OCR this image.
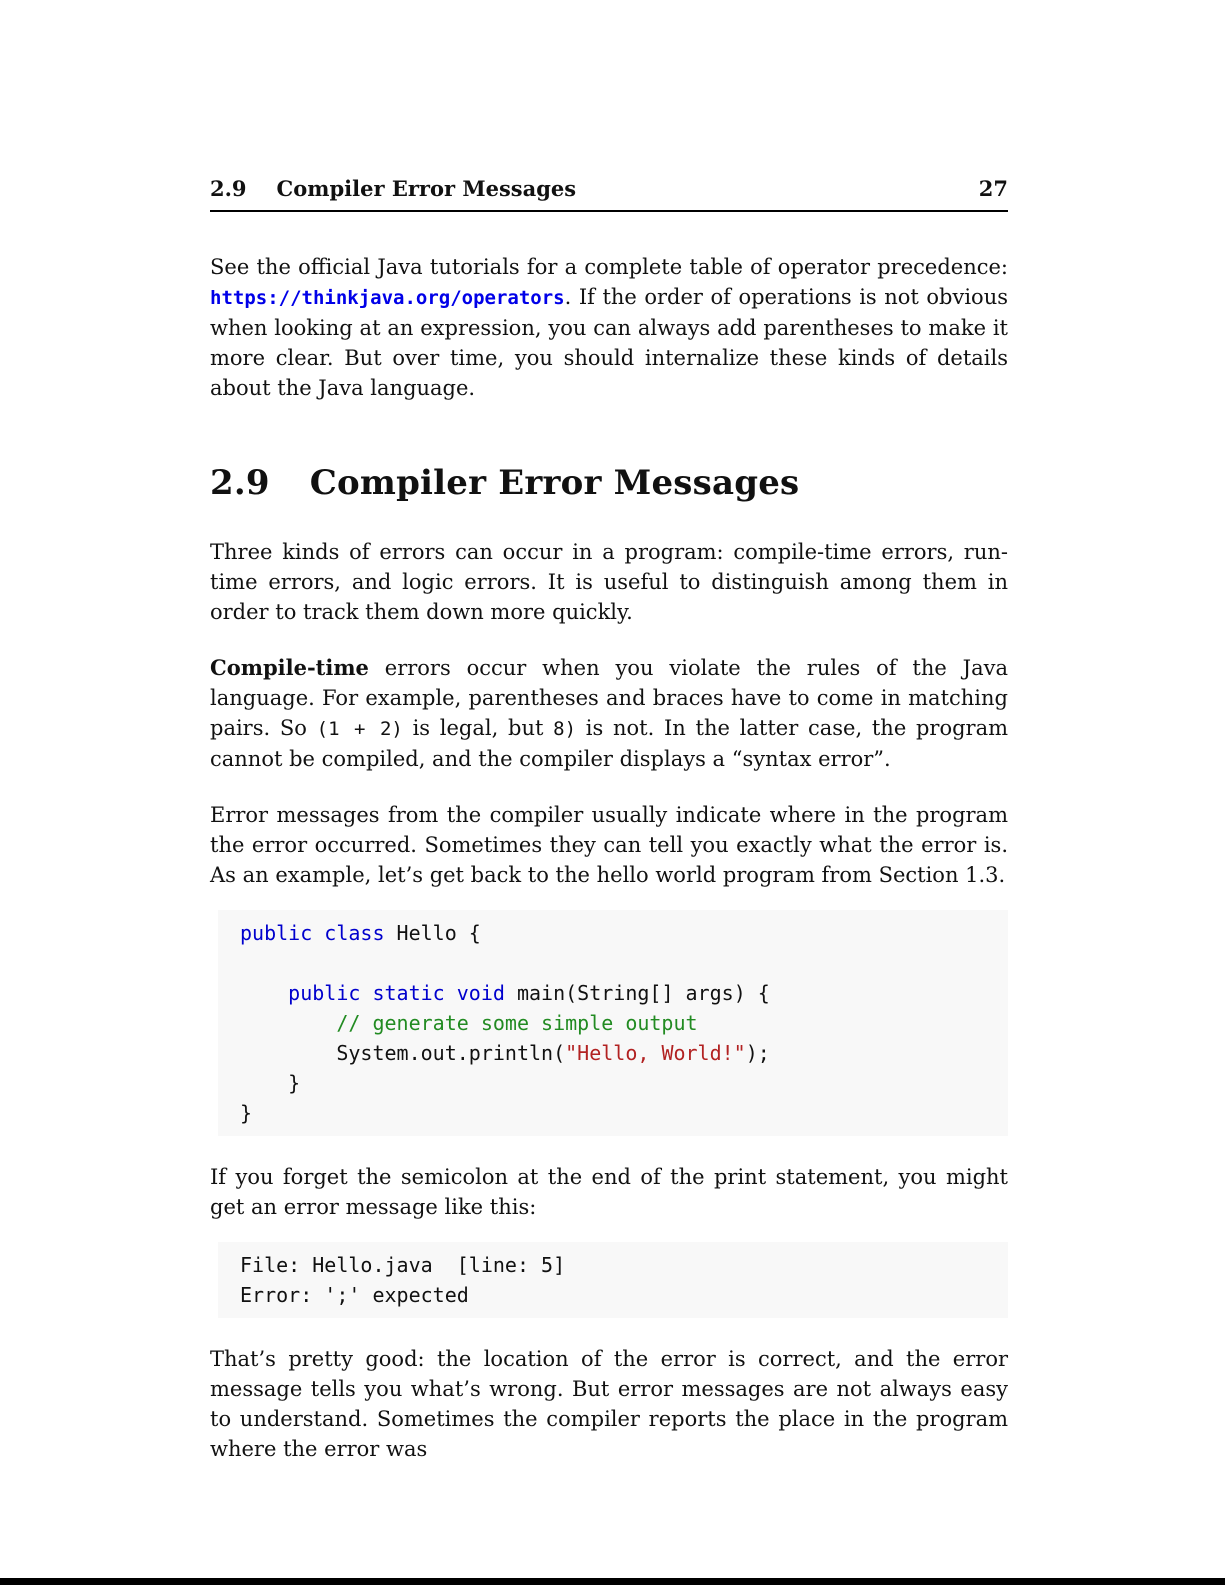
2.9 Compiler Error Messages	27

See the official Java tutorials for a complete table of operator precedence: https://thinkjava.org/operators. If the order of operations is not obvious when looking at an expression, you can always add parentheses to make it more clear. But over time, you should internalize these kinds of details about the Java language.

2.9 Compiler Error Messages

Three kinds of errors can occur in a program: compile-time errors, run-time errors, and logic errors. It is useful to distinguish among them in order to track them down more quickly.

Compile-time errors occur when you violate the rules of the Java language. For example, parentheses and braces have to come in matching pairs. So (1 + 2) is legal, but 8) is not. In the latter case, the program cannot be compiled, and the compiler displays a “syntax error”.

Error messages from the compiler usually indicate where in the program the error occurred. Sometimes they can tell you exactly what the error is. As an example, let’s get back to the hello world program from Section 1.3.

public class Hello {

public static void main(String[] args) {
// generate some simple output
System.out.println("Hello, World!");
}
}

If you forget the semicolon at the end of the print statement, you might get an error message like this:

File: Hello.java  [line: 5]
Error: ';' expected

That’s pretty good: the location of the error is correct, and the error message tells you what’s wrong. But error messages are not always easy to understand. Sometimes the compiler reports the place in the program where the error was
